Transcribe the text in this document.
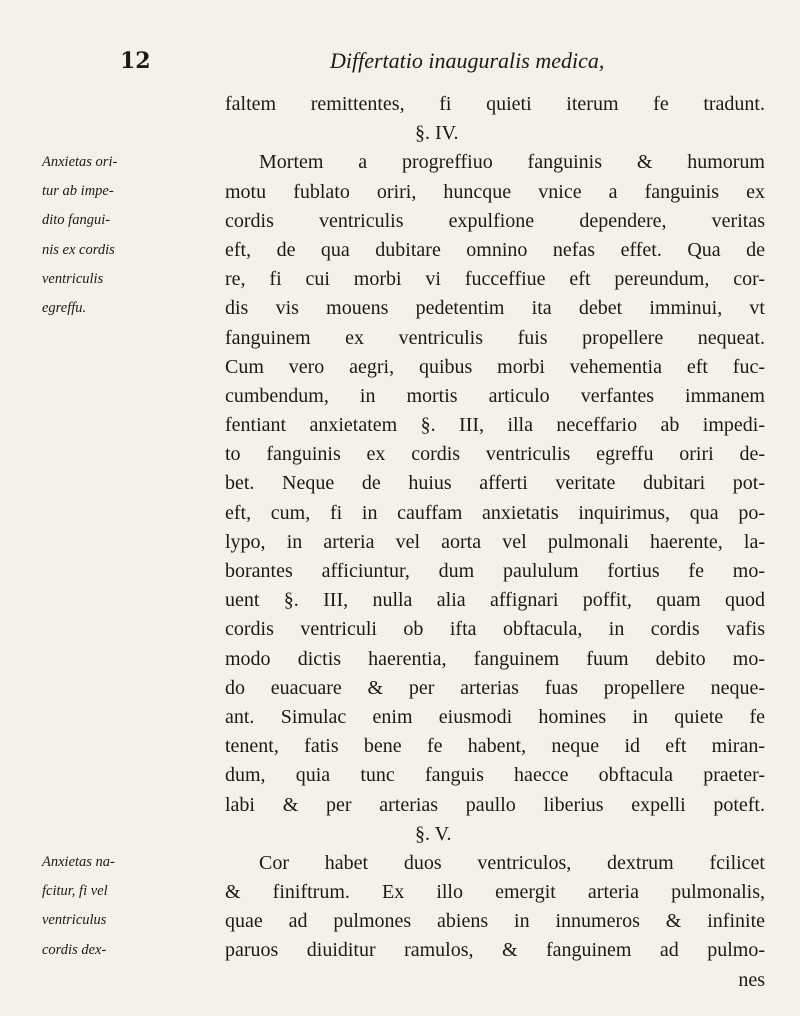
12	Differtatio inauguralis medica,
faltem remittentes, fi quieti iterum fe tradunt.
§. IV.
Mortem a progreffiuo fanguinis & humorum
motu fublato oriri, huncque vnice a fanguinis ex
cordis ventriculis expulfione dependere, veritas
eft, de qua dubitare omnino nefas effet. Qua de
re, fi cui morbi vi fucceffiue eft pereundum, cor-
dis vis mouens pedetentim ita debet imminui, vt
fanguinem ex ventriculis fuis propellere nequeat.
Cum vero aegri, quibus morbi vehementia eft fuc-
cumbendum, in mortis articulo verfantes immanem
fentiant anxietatem §. III, illa neceffario ab impedi-
to fanguinis ex cordis ventriculis egreffu oriri de-
bet. Neque de huius afferti veritate dubitari pot-
eft, cum, fi in cauffam anxietatis inquirimus, qua po-
lypo, in arteria vel aorta vel pulmonali haerente, la-
borantes afficiuntur, dum paululum fortius fe mo-
uent §. III, nulla alia affignari poffit, quam quod
cordis ventriculi ob ifta obftacula, in cordis vafis
modo dictis haerentia, fanguinem fuum debito mo-
do euacuare & per arterias fuas propellere neque-
ant. Simulac enim eiusmodi homines in quiete fe
tenent, fatis bene fe habent, neque id eft miran-
dum, quia tunc fanguis haecce obftacula praeter-
labi & per arterias paullo liberius expelli poteft.
§. V.
Cor habet duos ventriculos, dextrum fcilicet
& finiftrum. Ex illo emergit arteria pulmonalis,
quae ad pulmones abiens in innumeros & infinite
paruos diuiditur ramulos, & fanguinem ad pulmo-
nes
Anxietas ori-
tur ab impe-
dito fangui-
nis ex cordis
ventriculis
egreffu.
Anxietas na-
fcitur, fi vel
ventriculus
cordis dex-
